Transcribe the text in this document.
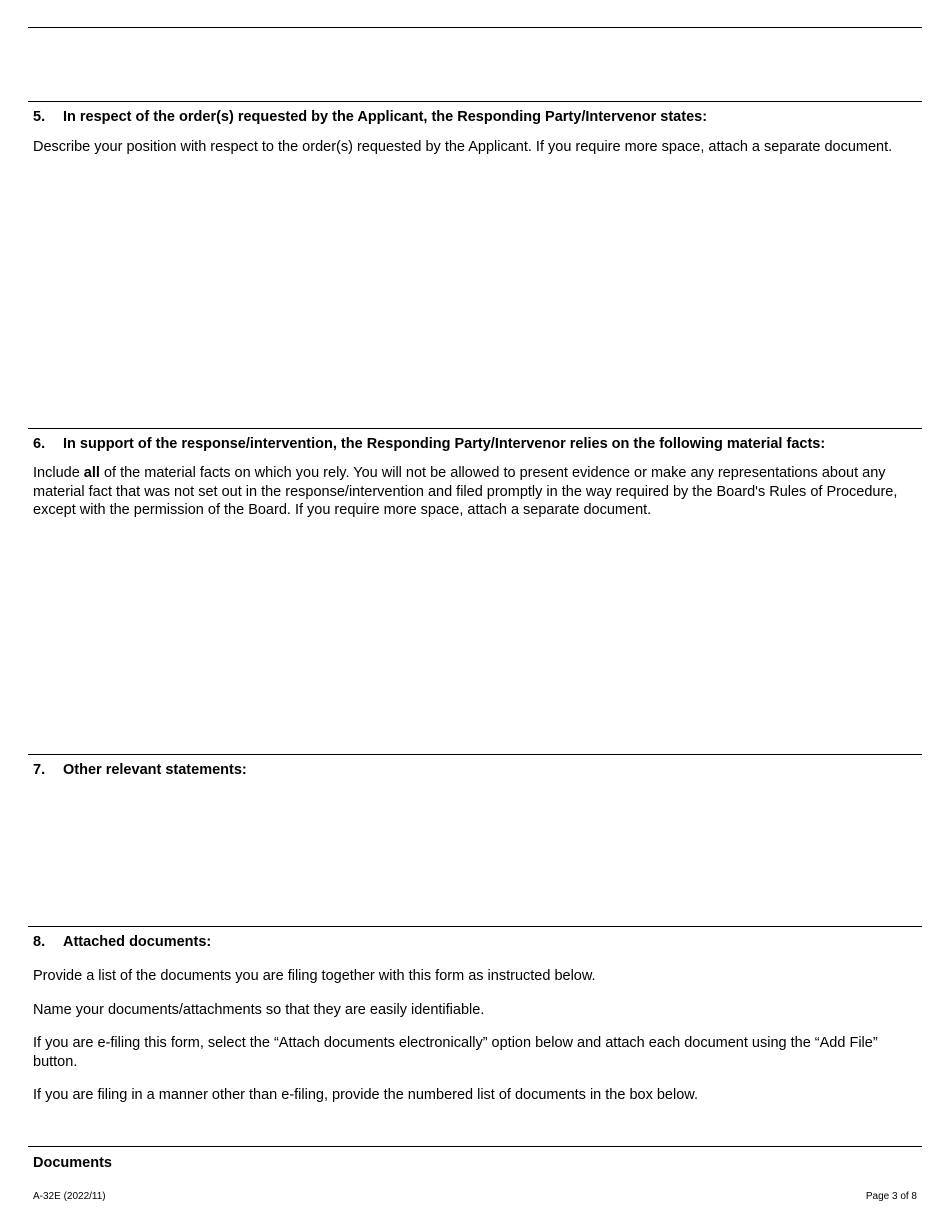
5. In respect of the order(s) requested by the Applicant, the Responding Party/Intervenor states:

Describe your position with respect to the order(s) requested by the Applicant. If you require more space, attach a separate document.

6. In support of the response/intervention, the Responding Party/Intervenor relies on the following material facts:

Include all of the material facts on which you rely. You will not be allowed to present evidence or make any representations about any material fact that was not set out in the response/intervention and filed promptly in the way required by the Board's Rules of Procedure, except with the permission of the Board. If you require more space, attach a separate document.

7. Other relevant statements:

8. Attached documents:

Provide a list of the documents you are filing together with this form as instructed below.

Name your documents/attachments so that they are easily identifiable.

If you are e-filing this form, select the “Attach documents electronically” option below and attach each document using the “Add File” button.

If you are filing in a manner other than e-filing, provide the numbered list of documents in the box below.

Documents

A-32E (2022/11)	Page 3 of 8
